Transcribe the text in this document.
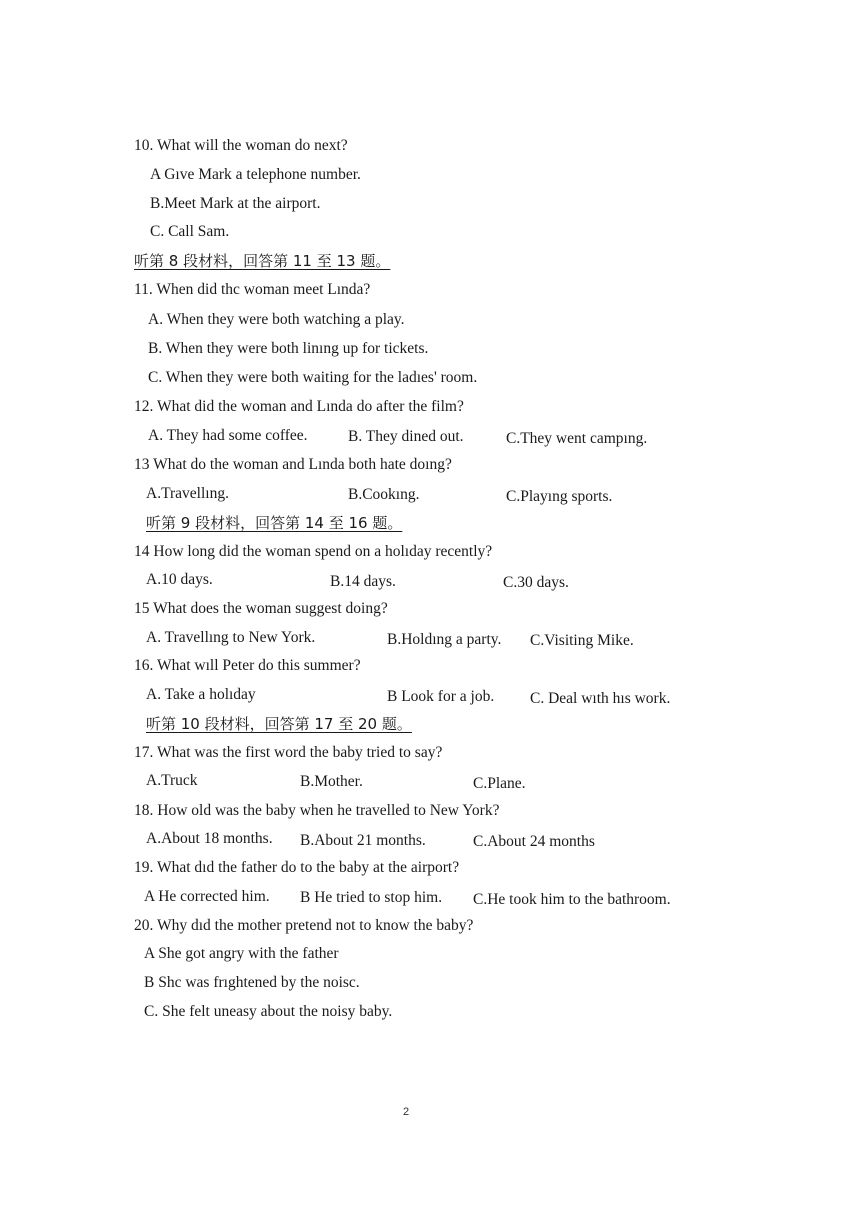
10. What will the woman do next?
A Gıve Mark a telephone number.
B.Meet Mark at the airport.
C. Call Sam.
听第 8 段材料，回答第 11 至 13 题。
11. When did thc woman meet Lında?
A. When they were both watching a play.
B. When they were both linıng up for tickets.
C. When they were both waiting for the ladıes' room.
12. What did the woman and Lında do after the film?
A. They had some coffee.	B. They dined out.	C.They went campıng.
13 What do the woman and Lında both hate doıng?
A.Travellıng.	B.Cookıng.	C.Playıng sports.
听第 9 段材料，回答第 14 至 16 题。
14 How long did the woman spend on a holıday recently?
A.10 days.	B.14 days.	C.30 days.
15 What does the woman suggest doing?
A. Travellıng to New York.	B.Holdıng a party. C.Visiting Mike.
16. What wıll Peter do this summer?
A. Take a holıday	B Look for a job. C. Deal wıth hıs work.
听第 10 段材料，回答第 17 至 20 题。
17. What was the first word the baby tried to say?
A.Truck	B.Mother.	C.Plane.
18. How old was the baby when he travelled to New York?
A.About 18 months. B.About 21 months.	C.About 24 months
19. What dıd the father do to the baby at the airport?
A He corrected him. B He tried to stop him. C.He took him to the bathroom.
20. Why dıd the mother pretend not to know the baby?
A She got angry with the father
B Shc was frıghtened by the noisc.
C. She felt uneasy about the noisy baby.
2
